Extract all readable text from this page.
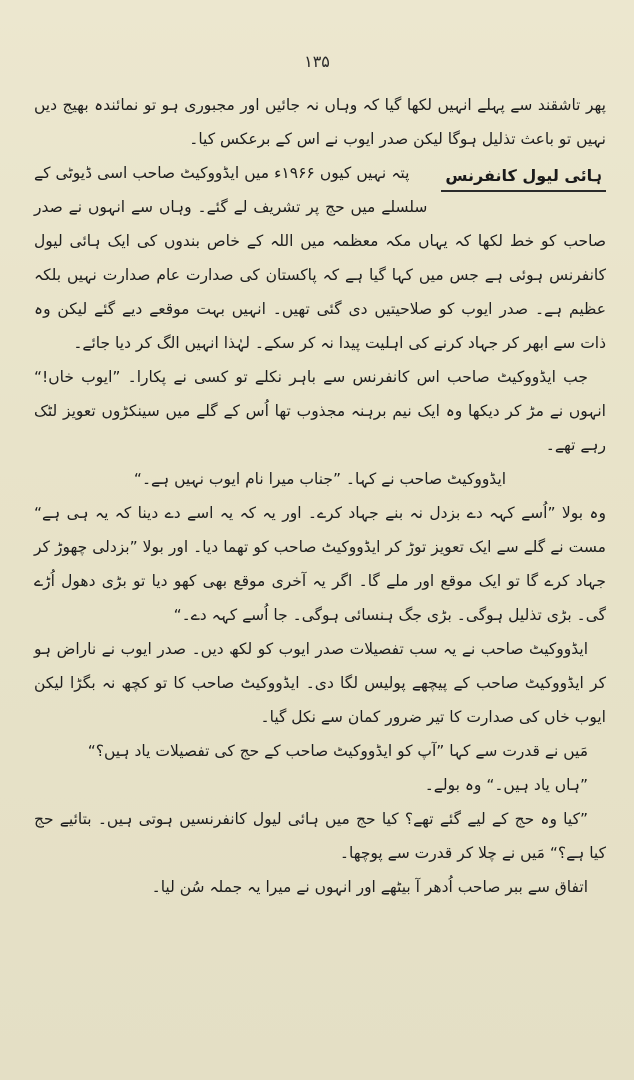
۱۳۵

پھر تاشقند سے پہلے انہیں لکھا گیا کہ وہاں نہ جائیں اور مجبوری ہو تو نمائندہ بھیج دیں نہیں تو باعث تذلیل ہوگا لیکن صدر ایوب نے اس کے برعکس کیا۔

ہائی لیول کانفرنس

پتہ نہیں کیوں ۱۹۶۶ء میں ایڈووکیٹ صاحب اسی ڈیوٹی کے سلسلے میں حج پر تشریف لے گئے۔ وہاں سے انہوں نے صدر صاحب کو خط لکھا کہ یہاں مکہ معظمہ میں اللہ کے خاص بندوں کی ایک ہائی لیول کانفرنس ہوئی ہے جس میں کہا گیا ہے کہ پاکستان کی صدارت عام صدارت نہیں بلکہ عظیم ہے۔ صدر ایوب کو صلاحیتیں دی گئی تھیں۔ انہیں بہت موقعے دیے گئے لیکن وہ ذات سے ابھر کر جہاد کرنے کی اہلیت پیدا نہ کر سکے۔ لہٰذا انہیں الگ کر دیا جائے۔

جب ایڈووکیٹ صاحب اس کانفرنس سے باہر نکلے تو کسی نے پکارا۔ ”ایوب خاں!“ انہوں نے مڑ کر دیکھا وہ ایک نیم برہنہ مجذوب تھا اُس کے گلے میں سینکڑوں تعویز لٹک رہے تھے۔

ایڈووکیٹ صاحب نے کہا۔ ”جناب میرا نام ایوب نہیں ہے۔“

وہ بولا ”اُسے کہہ دے بزدل نہ بنے جہاد کرے۔ اور یہ کہ یہ اسے دے دینا کہ یہ ہی ہے“ مست نے گلے سے ایک تعویز توڑ کر ایڈووکیٹ صاحب کو تھما دیا۔ اور بولا ”بزدلی چھوڑ کر جہاد کرے گا تو ایک موقع اور ملے گا۔ اگر یہ آخری موقع بھی کھو دیا تو بڑی دھول اُڑے گی۔ بڑی تذلیل ہوگی۔ بڑی جگ ہنسائی ہوگی۔ جا اُسے کہہ دے۔“

ایڈووکیٹ صاحب نے یہ سب تفصیلات صدر ایوب کو لکھ دیں۔ صدر ایوب نے ناراض ہو کر ایڈووکیٹ صاحب کے پیچھے پولیس لگا دی۔ ایڈووکیٹ صاحب کا تو کچھ نہ بگڑا لیکن ایوب خاں کی صدارت کا تیر ضرور کمان سے نکل گیا۔

مَیں نے قدرت سے کہا ”آپ کو ایڈووکیٹ صاحب کے حج کی تفصیلات یاد ہیں؟“

”ہاں یاد ہیں۔“ وہ بولے۔

”کیا وہ حج کے لیے گئے تھے؟ کیا حج میں ہائی لیول کانفرنسیں ہوتی ہیں۔ بتائیے حج کیا ہے؟“ مَیں نے چلا کر قدرت سے پوچھا۔

اتفاق سے ببر صاحب اُدھر آ بیٹھے اور انہوں نے میرا یہ جملہ سُن لیا۔
